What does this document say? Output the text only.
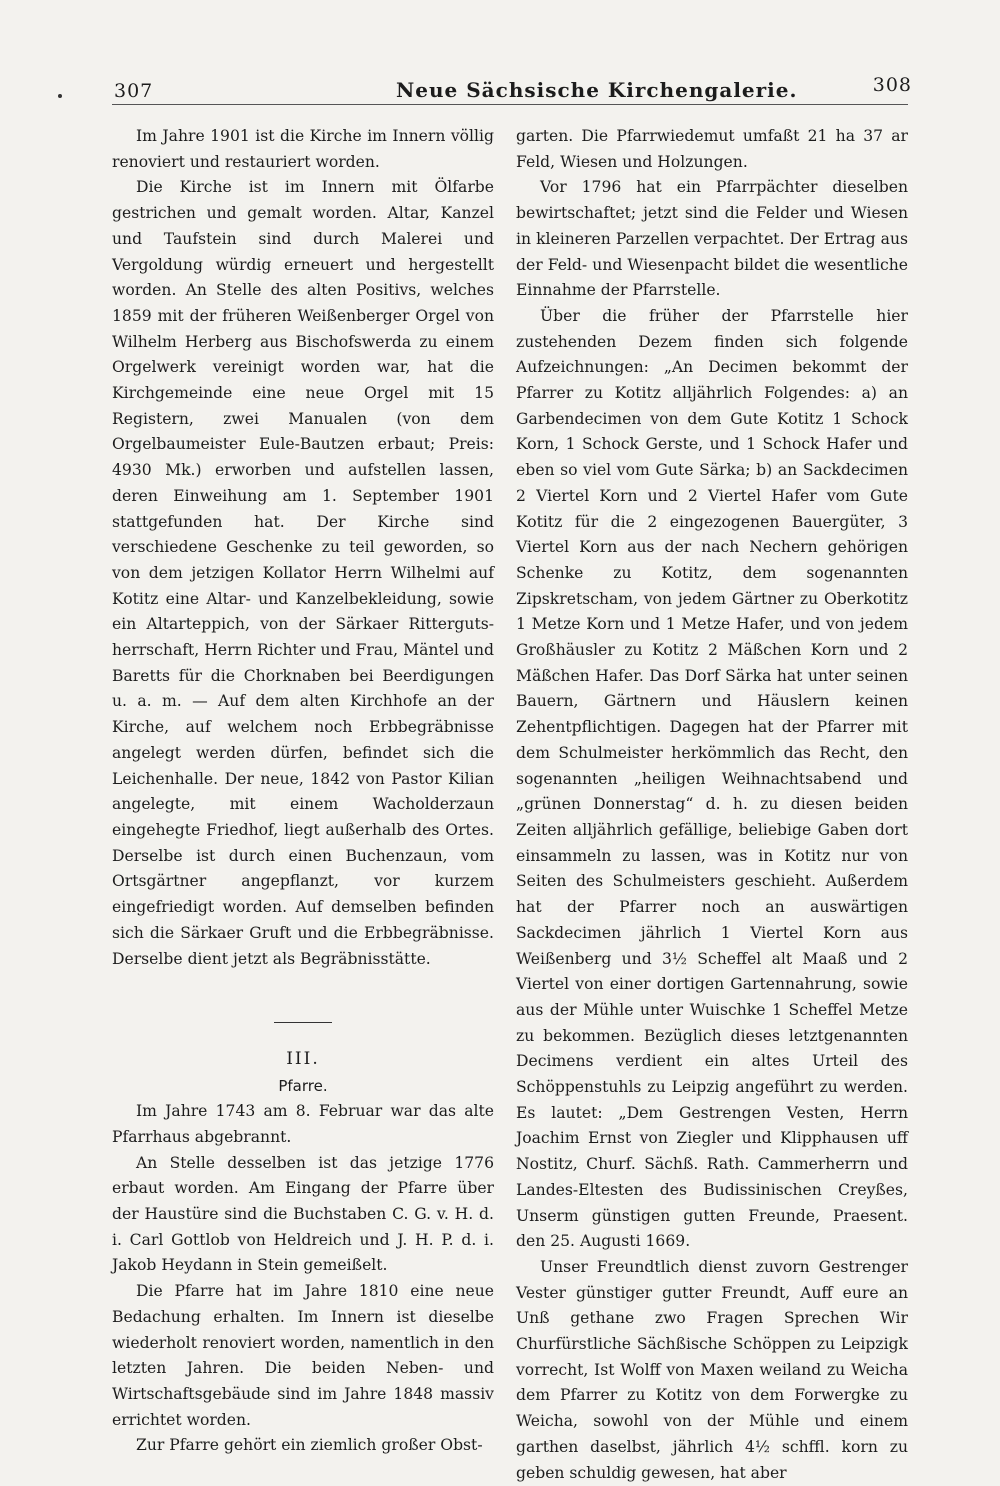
307	Neue Sächsische Kirchengalerie.	308

Im Jahre 1901 ist die Kirche im Innern völlig renoviert und restauriert worden.

Die Kirche ist im Innern mit Ölfarbe gestrichen und gemalt worden. Altar, Kanzel und Taufstein sind durch Malerei und Vergoldung würdig erneuert und hergestellt worden. An Stelle des alten Positivs, welches 1859 mit der früheren Weißenberger Orgel von Wilhelm Herberg aus Bischofswerda zu einem Orgelwerk vereinigt worden war, hat die Kirchgemeinde eine neue Orgel mit 15 Registern, zwei Manualen (von dem Orgelbaumeister Eule-Bautzen erbaut; Preis: 4930 Mk.) erworben und aufstellen lassen, deren Einweihung am 1. September 1901 stattgefunden hat. Der Kirche sind verschiedene Geschenke zu teil geworden, so von dem jetzigen Kollator Herrn Wilhelmi auf Kotitz eine Altar- und Kanzelbekleidung, sowie ein Altarteppich, von der Särkaer Ritterguts-herrschaft, Herrn Richter und Frau, Mäntel und Baretts für die Chorknaben bei Beerdigungen u. a. m. — Auf dem alten Kirchhofe an der Kirche, auf welchem noch Erbbegräbnisse angelegt werden dürfen, befindet sich die Leichenhalle. Der neue, 1842 von Pastor Kilian angelegte, mit einem Wacholderzaun eingehegte Friedhof, liegt außerhalb des Ortes. Derselbe ist durch einen Buchenzaun, vom Ortsgärtner angepflanzt, vor kurzem eingefriedigt worden. Auf demselben befinden sich die Särkaer Gruft und die Erbbegräbnisse. Derselbe dient jetzt als Begräbnisstätte.

III.

Pfarre.

Im Jahre 1743 am 8. Februar war das alte Pfarrhaus abgebrannt.

An Stelle desselben ist das jetzige 1776 erbaut worden. Am Eingang der Pfarre über der Haustüre sind die Buchstaben C. G. v. H. d. i. Carl Gottlob von Heldreich und J. H. P. d. i. Jakob Heydann in Stein gemeißelt.

Die Pfarre hat im Jahre 1810 eine neue Bedachung erhalten. Im Innern ist dieselbe wiederholt renoviert worden, namentlich in den letzten Jahren. Die beiden Neben- und Wirtschaftsgebäude sind im Jahre 1848 massiv errichtet worden.

Zur Pfarre gehört ein ziemlich großer Obst-

garten. Die Pfarrwiedemut umfaßt 21 ha 37 ar Feld, Wiesen und Holzungen.

Vor 1796 hat ein Pfarrpächter dieselben bewirtschaftet; jetzt sind die Felder und Wiesen in kleineren Parzellen verpachtet. Der Ertrag aus der Feld- und Wiesenpacht bildet die wesentliche Einnahme der Pfarrstelle.

Über die früher der Pfarrstelle hier zustehenden Dezem finden sich folgende Aufzeichnungen: „An Decimen bekommt der Pfarrer zu Kotitz alljährlich Folgendes: a) an Garbendecimen von dem Gute Kotitz 1 Schock Korn, 1 Schock Gerste, und 1 Schock Hafer und eben so viel vom Gute Särka; b) an Sackdecimen 2 Viertel Korn und 2 Viertel Hafer vom Gute Kotitz für die 2 eingezogenen Bauergüter, 3 Viertel Korn aus der nach Nechern gehörigen Schenke zu Kotitz, dem sogenannten Zipskretscham, von jedem Gärtner zu Oberkotitz 1 Metze Korn und 1 Metze Hafer, und von jedem Großhäusler zu Kotitz 2 Mäßchen Korn und 2 Mäßchen Hafer. Das Dorf Särka hat unter seinen Bauern, Gärtnern und Häuslern keinen Zehentpflichtigen. Dagegen hat der Pfarrer mit dem Schulmeister herkömmlich das Recht, den sogenannten „heiligen Weihnachtsabend und „grünen Donnerstag“ d. h. zu diesen beiden Zeiten alljährlich gefällige, beliebige Gaben dort einsammeln zu lassen, was in Kotitz nur von Seiten des Schulmeisters geschieht. Außerdem hat der Pfarrer noch an auswärtigen Sackdecimen jährlich 1 Viertel Korn aus Weißenberg und 3½ Scheffel alt Maaß und 2 Viertel von einer dortigen Gartennahrung, sowie aus der Mühle unter Wuischke 1 Scheffel Metze zu bekommen. Bezüglich dieses letztgenannten Decimens verdient ein altes Urteil des Schöppenstuhls zu Leipzig angeführt zu werden. Es lautet: „Dem Gestrengen Vesten, Herrn Joachim Ernst von Ziegler und Klipphausen uff Nostitz, Churf. Sächß. Rath. Cammerherrn und Landes-Eltesten des Budissinischen Creyßes, Unserm günstigen gutten Freunde, Praesent. den 25. Augusti 1669.

Unser Freundtlich dienst zuvorn Gestrenger Vester günstiger gutter Freundt, Auff eure an Unß gethane zwo Fragen Sprechen Wir Churfürstliche Sächßische Schöppen zu Leipzigk vorrecht, Ist Wolff von Maxen weiland zu Weicha dem Pfarrer zu Kotitz von dem Forwergke zu Weicha, sowohl von der Mühle und einem garthen daselbst, jährlich 4½ schffl. korn zu geben schuldig gewesen, hat aber
